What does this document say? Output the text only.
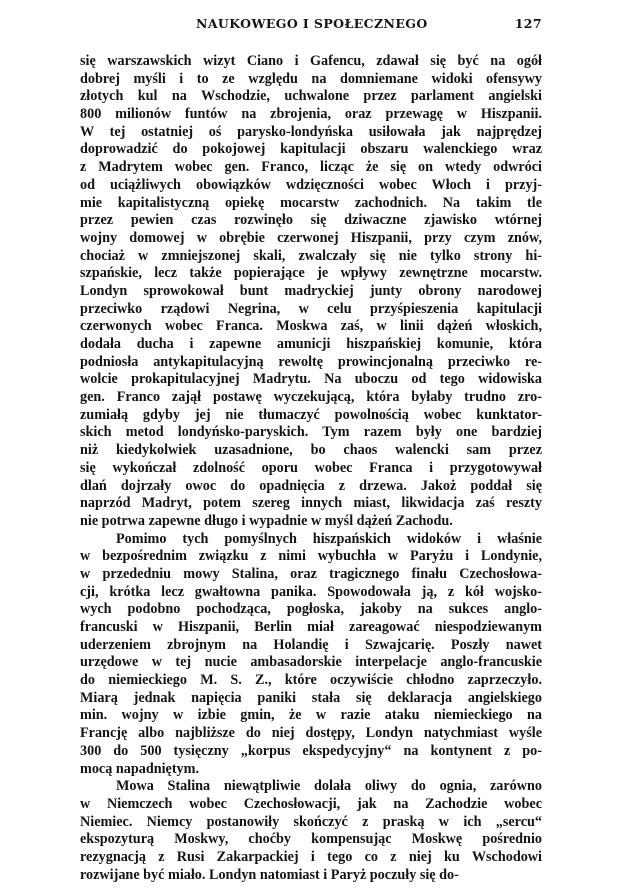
NAUKOWEGO I SPOŁECZNEGO	127
się warszawskich wizyt Ciano i Gafencu, zdawał się być na ogół
dobrej myśli i to ze względu na domniemane widoki ofensywy
złotych kul na Wschodzie, uchwalone przez parlament angielski
800 milionów funtów na zbrojenia, oraz przewagę w Hiszpanii.
W tej ostatniej oś parysko-londyńska usiłowała jak najprędzej
doprowadzić do pokojowej kapitulacji obszaru walenckiego wraz
z Madrytem wobec gen. Franco, licząc że się on wtedy odwróci
od uciążliwych obowiązków wdzięczności wobec Włoch i przyj-
mie kapitalistyczną opiekę mocarstw zachodnich. Na takim tle
przez pewien czas rozwinęło się dziwaczne zjawisko wtórnej
wojny domowej w obrębie czerwonej Hiszpanii, przy czym znów,
chociaż w zmniejszonej skali, zwalczały się nie tylko strony hi-
szpańskie, lecz także popierające je wpływy zewnętrzne mocarstw.
Londyn sprowokował bunt madryckiej junty obrony narodowej
przeciwko rządowi Negrina, w celu przyśpieszenia kapitulacji
czerwonych wobec Franca. Moskwa zaś, w linii dążeń włoskich,
dodała ducha i zapewne amunicji hiszpańskiej komunie, która
podniosła antykapitulacyjną rewoltę prowincjonalną przeciwko re-
wolcie prokapitulacyjnej Madrytu. Na uboczu od tego widowiska
gen. Franco zajął postawę wyczekującą, która byłaby trudno zro-
zumiałą gdyby jej nie tłumaczyć powolnością wobec kunktator-
skich metod londyńsko-paryskich. Tym razem były one bardziej
niż kiedykolwiek uzasadnione, bo chaos walencki sam przez
się wykończał zdolność oporu wobec Franca i przygotowywał
dlań dojrzały owoc do opadnięcia z drzewa. Jakoż poddał się
naprzód Madryt, potem szereg innych miast, likwidacja zaś reszty
nie potrwa zapewne długo i wypadnie w myśl dążeń Zachodu.
Pomimo tych pomyślnych hiszpańskich widoków i właśnie
w bezpośrednim związku z nimi wybuchła w Paryżu i Londynie,
w przededniu mowy Stalina, oraz tragicznego finału Czechosłowa-
cji, krótka lecz gwałtowna panika. Spowodowała ją, z kół wojsko-
wych podobno pochodząca, pogłoska, jakoby na sukces anglo-
francuski w Hiszpanii, Berlin miał zareagować niespodziewanym
uderzeniem zbrojnym na Holandię i Szwajcarię. Poszły nawet
urzędowe w tej nucie ambasadorskie interpelacje anglo-francuskie
do niemieckiego M. S. Z., które oczywiście chłodno zaprzeczyło.
Miarą jednak napięcia paniki stała się deklaracja angielskiego
min. wojny w izbie gmin, że w razie ataku niemieckiego na
Francję albo najbliższe do niej dostępy, Londyn natychmiast wyśle
300 do 500 tysięczny „korpus ekspedycyjny“ na kontynent z po-
mocą napadniętym.
Mowa Stalina niewątpliwie dolała oliwy do ognia, zarówno
w Niemczech wobec Czechosłowacji, jak na Zachodzie wobec
Niemiec. Niemcy postanowiły skończyć z praską w ich „sercu“
ekspozyturą Moskwy, choćby kompensując Moskwę pośrednio
rezygnacją z Rusi Zakarpackiej i tego co z niej ku Wschodowi
rozwijane być miało. Londyn natomiast i Paryż poczuły się do-
